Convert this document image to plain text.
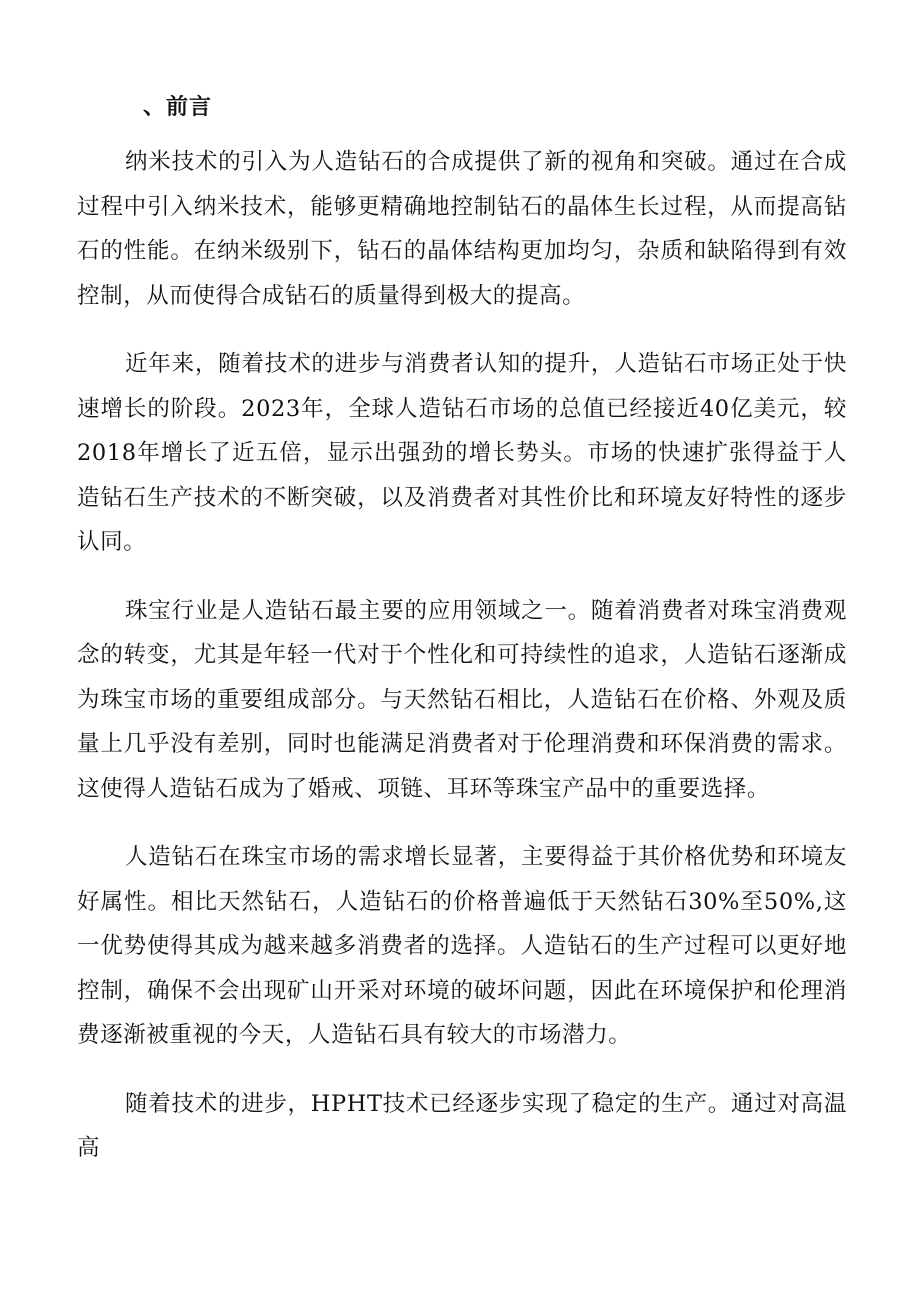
、前言

纳米技术的引入为人造钻石的合成提供了新的视角和突破。通过在合成过程中引入纳米技术，能够更精确地控制钻石的晶体生长过程，从而提高钻石的性能。在纳米级别下，钻石的晶体结构更加均匀，杂质和缺陷得到有效控制，从而使得合成钻石的质量得到极大的提高。

近年来，随着技术的进步与消费者认知的提升，人造钻石市场正处于快速增长的阶段。2023年，全球人造钻石市场的总值已经接近40亿美元，较2018年增长了近五倍，显示出强劲的增长势头。市场的快速扩张得益于人造钻石生产技术的不断突破，以及消费者对其性价比和环境友好特性的逐步认同。

珠宝行业是人造钻石最主要的应用领域之一。随着消费者对珠宝消费观念的转变，尤其是年轻一代对于个性化和可持续性的追求，人造钻石逐渐成为珠宝市场的重要组成部分。与天然钻石相比，人造钻石在价格、外观及质量上几乎没有差别，同时也能满足消费者对于伦理消费和环保消费的需求。这使得人造钻石成为了婚戒、项链、耳环等珠宝产品中的重要选择。

人造钻石在珠宝市场的需求增长显著，主要得益于其价格优势和环境友好属性。相比天然钻石，人造钻石的价格普遍低于天然钻石30%至50%,这一优势使得其成为越来越多消费者的选择。人造钻石的生产过程可以更好地控制，确保不会出现矿山开采对环境的破坏问题，因此在环境保护和伦理消费逐渐被重视的今天，人造钻石具有较大的市场潜力。

随着技术的进步，HPHT技术已经逐步实现了稳定的生产。通过对高温高
